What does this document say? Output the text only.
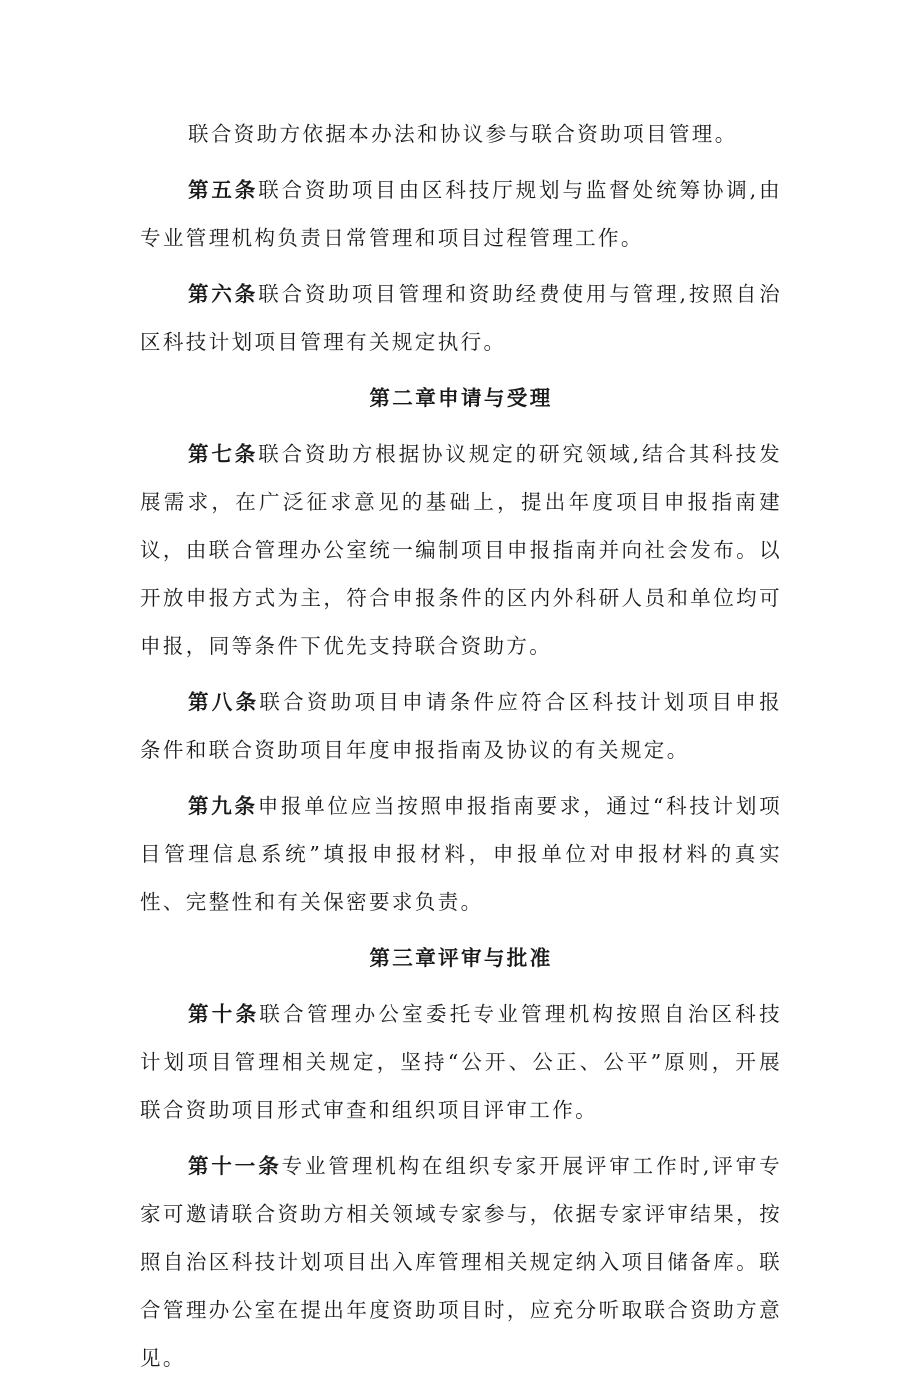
联合资助方依据本办法和协议参与联合资助项目管理。

第五条联合资助项目由区科技厅规划与监督处统筹协调,由专业管理机构负责日常管理和项目过程管理工作。

第六条联合资助项目管理和资助经费使用与管理,按照自治区科技计划项目管理有关规定执行。

第二章申请与受理

第七条联合资助方根据协议规定的研究领域,结合其科技发展需求，在广泛征求意见的基础上，提出年度项目申报指南建议，由联合管理办公室统一编制项目申报指南并向社会发布。以开放申报方式为主，符合申报条件的区内外科研人员和单位均可申报，同等条件下优先支持联合资助方。

第八条联合资助项目申请条件应符合区科技计划项目申报条件和联合资助项目年度申报指南及协议的有关规定。

第九条申报单位应当按照申报指南要求，通过“科技计划项目管理信息系统”填报申报材料，申报单位对申报材料的真实性、完整性和有关保密要求负责。

第三章评审与批准

第十条联合管理办公室委托专业管理机构按照自治区科技计划项目管理相关规定，坚持“公开、公正、公平”原则，开展联合资助项目形式审查和组织项目评审工作。

第十一条专业管理机构在组织专家开展评审工作时,评审专家可邀请联合资助方相关领域专家参与，依据专家评审结果，按照自治区科技计划项目出入库管理相关规定纳入项目储备库。联合管理办公室在提出年度资助项目时，应充分听取联合资助方意见。
